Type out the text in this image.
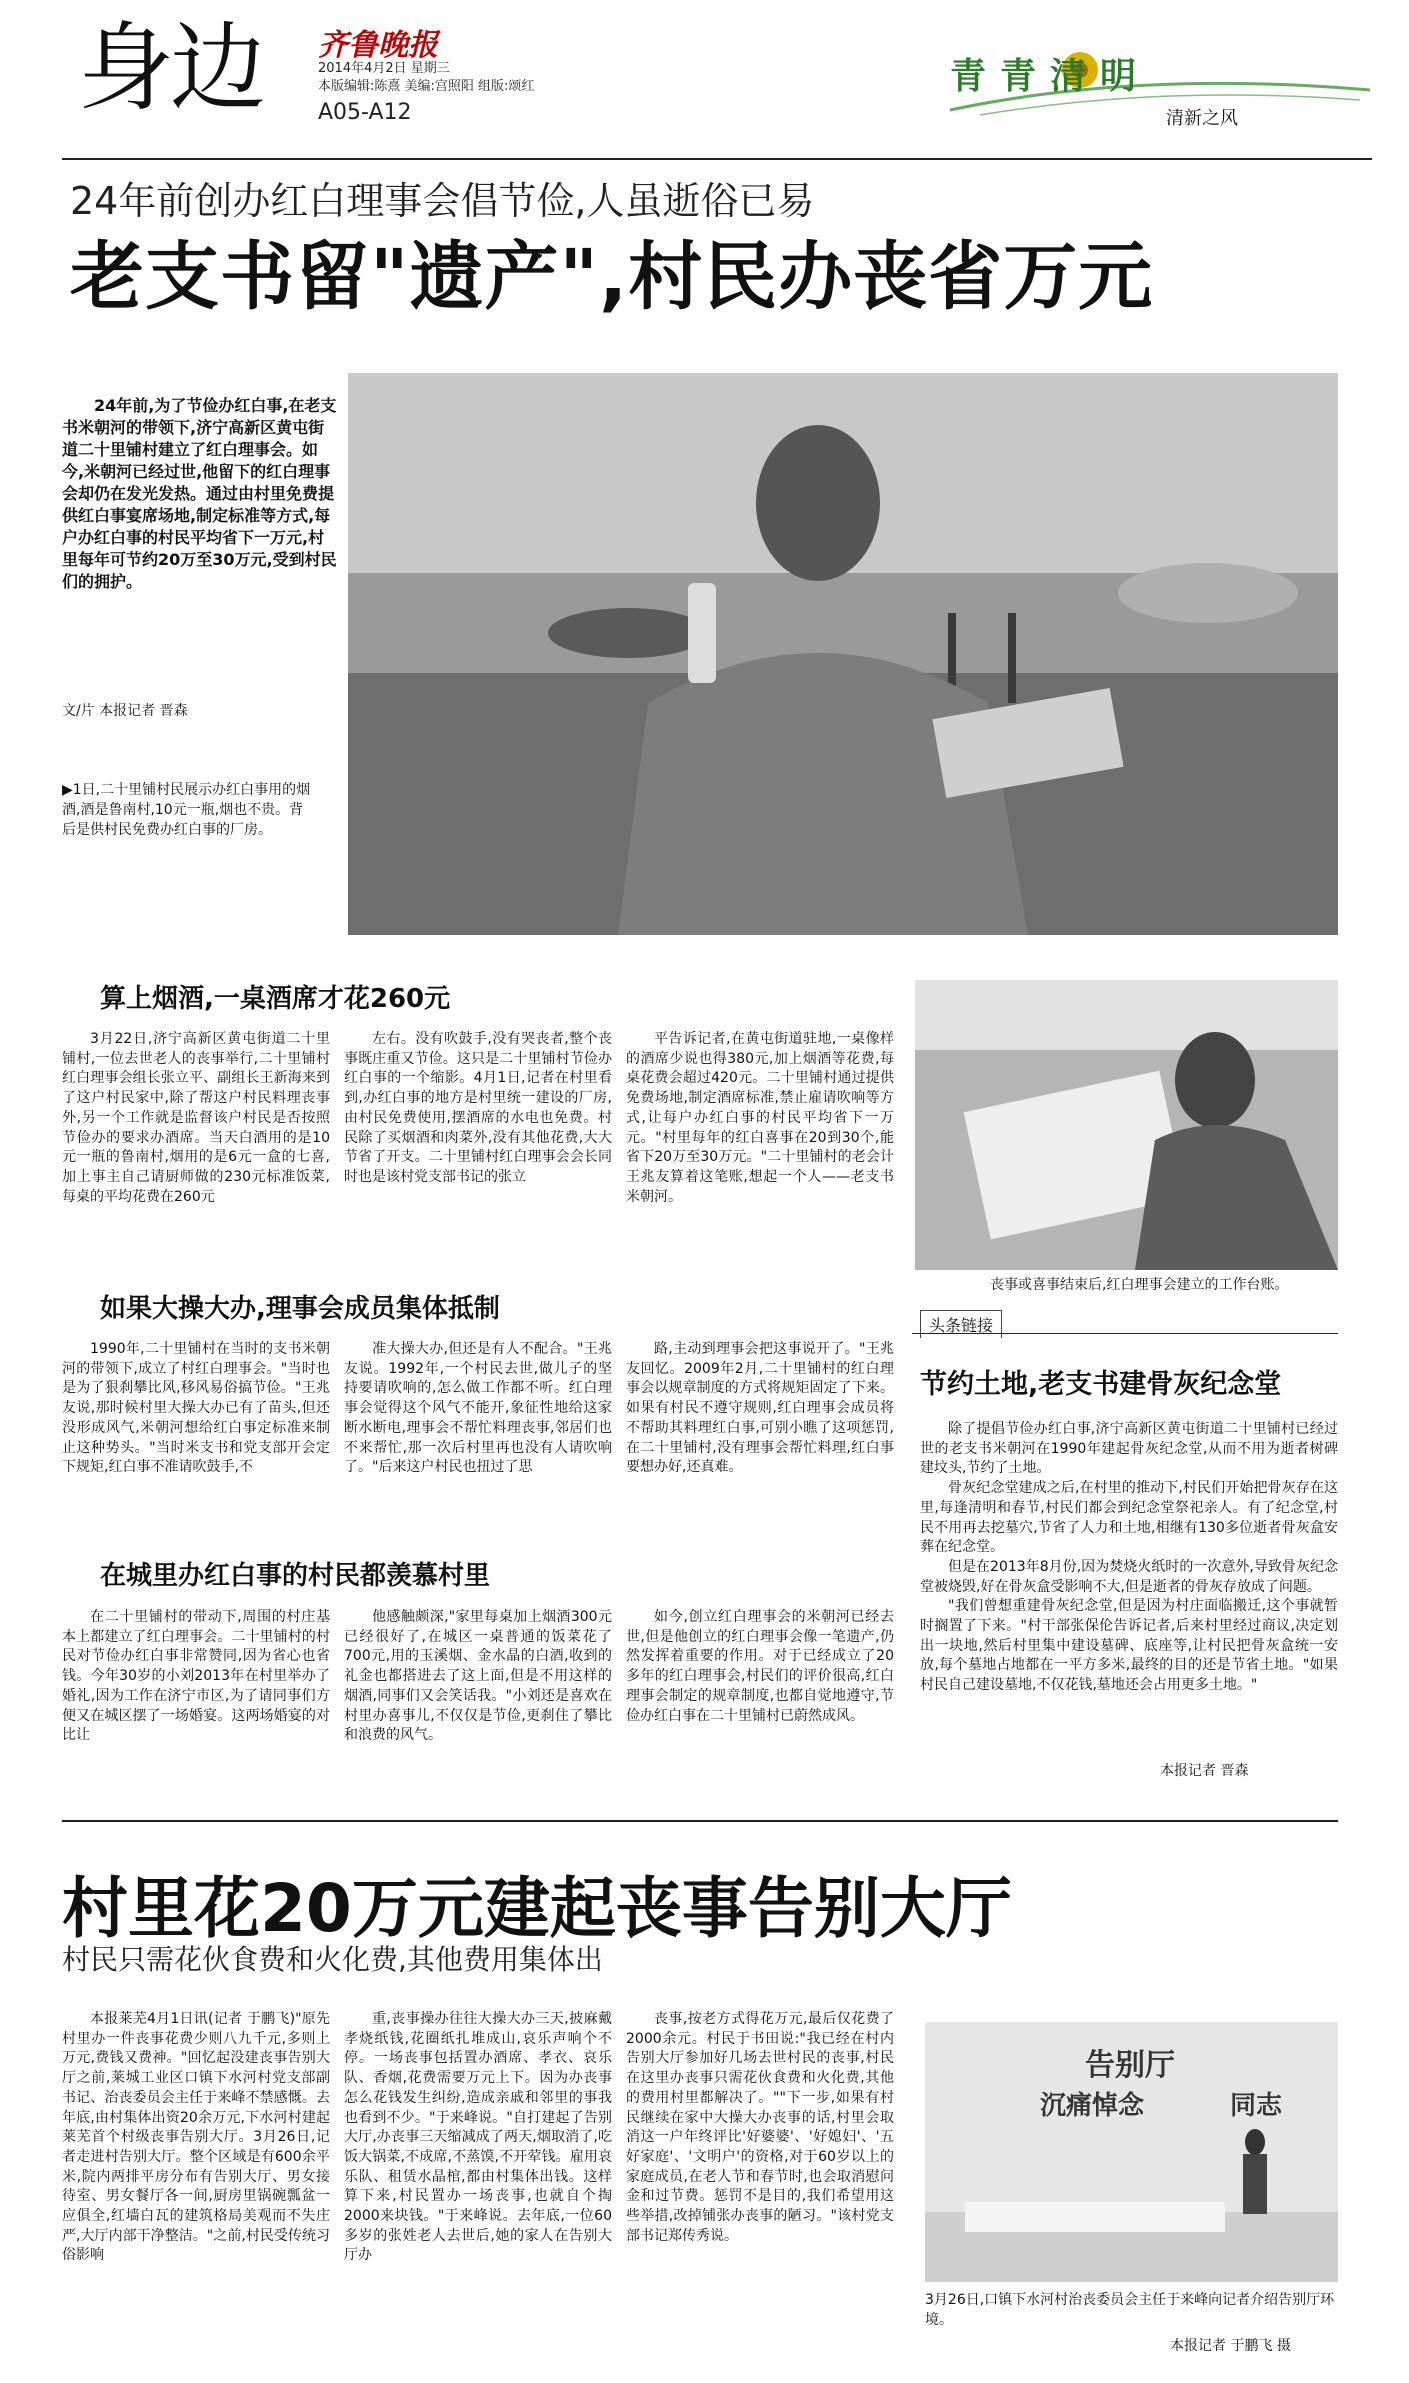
身边 齐鲁晚报
2014年4月2日 星期三
本版编辑:陈熹 美编:宫照阳 组版:颂红
A05-A12
青青清明
清新之风
24年前创办红白理事会倡节俭,人虽逝俗已易
老支书留"遗产",村民办丧省万元
24年前,为了节俭办红白事,在老支书米朝河的带领下,济宁高新区黄屯街道二十里铺村建立了红白理事会。如今,米朝河已经过世,他留下的红白理事会却仍在发光发热。通过由村里免费提供红白事宴席场地,制定标准等方式,每户办红白事的村民平均省下一万元,村里每年可节约20万至30万元,受到村民们的拥护。
文/片 本报记者 晋森
▶1日,二十里铺村民展示办红白事用的烟酒,酒是鲁南村,10元一瓶,烟也不贵。背后是供村民免费办红白事的厂房。
算上烟酒,一桌酒席才花260元
3月22日,济宁高新区黄屯街道二十里铺村,一位去世老人的丧事举行,二十里铺村红白理事会组长张立平、副组长王新海来到了这户村民家中,除了帮这户村民料理丧事外,另一个工作就是监督该户村民是否按照节俭办的要求办酒席。当天白酒用的是10元一瓶的鲁南村,烟用的是6元一盒的七喜,加上事主自己请厨师做的230元标准饭菜,每桌的平均花费在260元
左右。没有吹鼓手,没有哭丧者,整个丧事既庄重又节俭。这只是二十里铺村节俭办红白事的一个缩影。4月1日,记者在村里看到,办红白事的地方是村里统一建设的厂房,由村民免费使用,摆酒席的水电也免费。村民除了买烟酒和肉菜外,没有其他花费,大大节省了开支。二十里铺村红白理事会会长同时也是该村党支部书记的张立
平告诉记者,在黄屯街道驻地,一桌像样的酒席少说也得380元,加上烟酒等花费,每桌花费会超过420元。二十里铺村通过提供免费场地,制定酒席标准,禁止雇请吹响等方式,让每户办红白事的村民平均省下一万元。"村里每年的红白喜事在20到30个,能省下20万至30万元。"二十里铺村的老会计王兆友算着这笔账,想起一个人——老支书米朝河。
丧事或喜事结束后,红白理事会建立的工作台账。
如果大操大办,理事会成员集体抵制
1990年,二十里铺村在当时的支书米朝河的带领下,成立了村红白理事会。"当时也是为了狠刹攀比风,移风易俗搞节俭。"王兆友说,那时候村里大操大办已有了苗头,但还没形成风气,米朝河想给红白事定标准来制止这种势头。"当时米支书和党支部开会定下规矩,红白事不准请吹鼓手,不
准大操大办,但还是有人不配合。"王兆友说。1992年,一个村民去世,做儿子的坚持要请吹响的,怎么做工作都不听。红白理事会觉得这个风气不能开,象征性地给这家断水断电,理事会不帮忙料理丧事,邻居们也不来帮忙,那一次后村里再也没有人请吹响了。"后来这户村民也扭过了思
路,主动到理事会把这事说开了。"王兆友回忆。2009年2月,二十里铺村的红白理事会以规章制度的方式将规矩固定了下来。如果有村民不遵守规则,红白理事会成员将不帮助其料理红白事,可别小瞧了这项惩罚,在二十里铺村,没有理事会帮忙料理,红白事要想办好,还真难。
在城里办红白事的村民都羡慕村里
在二十里铺村的带动下,周围的村庄基本上都建立了红白理事会。二十里铺村的村民对节俭办红白事非常赞同,因为省心也省钱。今年30岁的小刘2013年在村里举办了婚礼,因为工作在济宁市区,为了请同事们方便又在城区摆了一场婚宴。这两场婚宴的对比让
他感触颇深,"家里每桌加上烟酒300元已经很好了,在城区一桌普通的饭菜花了700元,用的玉溪烟、金水晶的白酒,收到的礼金也都搭进去了这上面,但是不用这样的烟酒,同事们又会笑话我。"小刘还是喜欢在村里办喜事儿,不仅仅是节俭,更刹住了攀比和浪费的风气。
如今,创立红白理事会的米朝河已经去世,但是他创立的红白理事会像一笔遗产,仍然发挥着重要的作用。对于已经成立了20多年的红白理事会,村民们的评价很高,红白理事会制定的规章制度,也都自觉地遵守,节俭办红白事在二十里铺村已蔚然成风。
头条链接
节约土地,老支书建骨灰纪念堂

除了提倡节俭办红白事,济宁高新区黄屯街道二十里铺村已经过世的老支书米朝河在1990年建起骨灰纪念堂,从而不用为逝者树碑建坟头,节约了土地。

骨灰纪念堂建成之后,在村里的推动下,村民们开始把骨灰存在这里,每逢清明和春节,村民们都会到纪念堂祭祀亲人。有了纪念堂,村民不用再去挖墓穴,节省了人力和土地,相继有130多位逝者骨灰盒安葬在纪念堂。

但是在2013年8月份,因为焚烧火纸时的一次意外,导致骨灰纪念堂被烧毁,好在骨灰盒受影响不大,但是逝者的骨灰存放成了问题。

"我们曾想重建骨灰纪念堂,但是因为村庄面临搬迁,这个事就暂时搁置了下来。"村干部张保伦告诉记者,后来村里经过商议,决定划出一块地,然后村里集中建设墓碑、底座等,让村民把骨灰盒统一安放,每个墓地占地都在一平方多米,最终的目的还是节省土地。"如果村民自己建设墓地,不仅花钱,墓地还会占用更多土地。"

本报记者 晋森
村里花20万元建起丧事告别大厅
村民只需花伙食费和火化费,其他费用集体出
本报莱芜4月1日讯(记者 于鹏飞)"原先村里办一件丧事花费少则八九千元,多则上万元,费钱又费神。"回忆起没建丧事告别大厅之前,莱城工业区口镇下水河村党支部副书记、治丧委员会主任于来峰不禁感慨。去年底,由村集体出资20余万元,下水河村建起莱芜首个村级丧事告别大厅。3月26日,记者走进村告别大厅。整个区域是有600余平米,院内两排平房分布有告别大厅、男女接待室、男女餐厅各一间,厨房里锅碗瓢盆一应俱全,红墙白瓦的建筑格局美观而不失庄严,大厅内部干净整洁。"之前,村民受传统习俗影响
重,丧事操办往往大操大办三天,披麻戴孝烧纸钱,花圈纸扎堆成山,哀乐声响个不停。一场丧事包括置办酒席、孝衣、哀乐队、香烟,花费需要万元上下。因为办丧事怎么花钱发生纠纷,造成亲戚和邻里的事我也看到不少。"于来峰说。"自打建起了告别大厅,办丧事三天缩减成了两天,烟取消了,吃饭大锅菜,不成席,不蒸馍,不开荤钱。雇用哀乐队、租赁水晶棺,都由村集体出钱。这样算下来,村民置办一场丧事,也就自个掏2000来块钱。"于来峰说。去年底,一位60多岁的张姓老人去世后,她的家人在告别大厅办
丧事,按老方式得花万元,最后仅花费了2000余元。村民于书田说:"我已经在村内告别大厅参加好几场去世村民的丧事,村民在这里办丧事只需花伙食费和火化费,其他的费用村里都解决了。""下一步,如果有村民继续在家中大操大办丧事的话,村里会取消这一户年终评比'好婆婆'、'好媳妇'、'五好家庭'、'文明户'的资格,对于60岁以上的家庭成员,在老人节和春节时,也会取消慰问金和过节费。惩罚不是目的,我们希望用这些举措,改掉铺张办丧事的陋习。"该村党支部书记郑传秀说。
告别厅
沉痛悼念	同志
3月26日,口镇下水河村治丧委员会主任于来峰向记者介绍告别厅环境。
本报记者 于鹏飞 摄
